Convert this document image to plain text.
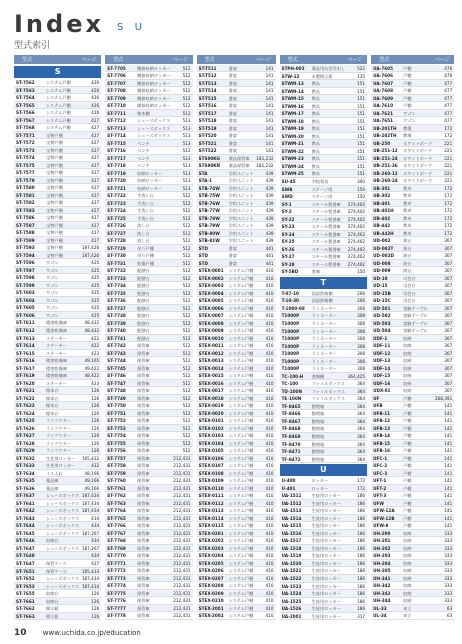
Index S U
型式索引
型式	ページ
S
ST-7562	システム戸棚	426
ST-7563	システム戸棚	426
ST-7564	システム戸棚	426
ST-7565	システム戸棚	426
ST-7566	システム戸棚	426
ST-7567	システム戸棚	427
ST-7568	システム戸棚	427
ST-7571	宝物戸棚	427
ST-7572	宝物戸棚	427
ST-7573	宝物戸棚	427
ST-7574	宝物戸棚	427
ST-7575	宝物戸棚	427
ST-7577	宝物戸棚	427
ST-7579	宝物戸棚	427
ST-7580	宝物戸棚	427
ST-7581	宝物戸棚	427
ST-7582	宝物戸棚	427
ST-7583	宝物戸棚	427
ST-7586	宝物戸棚	427
ST-7587	宝物戸棚	427
ST-7588	宝物戸棚	427
ST-7589	宝物戸棚	427
ST-7593	宝物戸棚	187,426
ST-7594	宝物戸棚	187,426
ST-7596	ワゴン	425
ST-7597	ワゴン	425
ST-7598	ワゴン	425
ST-7599	ワゴン	425
ST-7603	ワゴン	425
ST-7604	ワゴン	425
ST-7605	ワゴン	425
ST-7606	ワゴン	425
ST-7611	精密乾燥庫	48,422
ST-7612	精密乾燥庫	48,422
ST-7613	ステーキー	422
ST-7614	ステーキー	422
ST-7615	ステーキー	423
ST-7616	精密乾燥庫	49,165
ST-7617	精密乾燥庫	49,422
ST-7619	精密乾燥庫	48,422
ST-7620	ステーキー	423
ST-7621	標本台	126
ST-7622	標本台	126
ST-7623	標本台	126
ST-7624	標本台	126
ST-7625	ライツウター	126
ST-7626	ライツウター	126
ST-7627	ライツウター	126
ST-7628	ライツウター	126
ST-7629	ライツウター	126
ST-7632	生花用ロッカー	165,432
ST-7633	生花用ロッカー	432
ST-7634	イス入れ	48,166
ST-7635	薬品庫	49,166
ST-7636	薬品庫	49,166
ST-7637	シューズボックス 187,434
ST-7641	シューズボックス 187,434
ST-7642	シューズボックス 187,434
ST-7643	シューズボックス	434
ST-7644	シューズボックス	434
ST-7645	シューズボックス 187,267
ST-7646	収納台	434
ST-7647	シューズボックス 187,267
ST-7648	434
ST-7647	保管ケース	427
ST-7651	保管ケース	185,433
ST-7652	シューズボックス 187,434
ST-7653	シューズボックス 187,434
ST-7655	収納台	126
ST-7661	収納台	126
ST-7662	掲示板	126
ST-7663	掲示板	126
型式	ページ
ST-7705	腰掛収納ロッカー	512
ST-7706	腰掛収納ロッカー	512
ST-7707	腰掛収納ロッカー	512
ST-7708	腰掛収納ロッカー	512
ST-7709	腰掛収納ロッカー	512
ST-7710	腰掛収納ロッカー	512
ST-7711	標本棚	512
ST-7712	シューズボックス	513
ST-7713	シューズボックス	513
ST-7714	シューズボックス	513
ST-7715	ベンチ	513
ST-7716	ベンチ	513
ST-7717	ベンチ	513
ST-7718	ベンチ	513
ST-7719	収納ロッカー	513
ST-7720	収納ロッカー	513
ST-7721	収納ロッカー	513
ST-7722	手洗い台	512
ST-7723	手洗い台	512
ST-7724	手洗い台	512
ST-7725	手洗い台	512
ST-7726	流し台	512
ST-7727	流し台	512
ST-7728	流し台	512
ST-7729	吊り戸棚	512
ST-7730	吊り戸棚	512
ST-7731	乾燥戸棚	512
ST-7732	配膳台	512
ST-7733	配膳台	512
ST-7734	配膳台	512
ST-7735	配膳台	512
ST-7736	配膳台	512
ST-7737	配膳台	512
ST-7738	配膳台	512
ST-7739	配膳台	512
ST-7740	配膳台	512
ST-7741	配膳台	512
ST-7742	保管庫	512
ST-7743	保管庫	512
ST-7744	保管庫	512
ST-7745	保管庫	512
ST-7746	保管庫	512
ST-7747	保管庫	512
ST-7748	保管庫	512
ST-7749	保管庫	512
ST-7750	保管庫	512
ST-7751	保管庫	512
ST-7752	保管庫	512
ST-7753	保管庫	512
ST-7754	保管庫	512
ST-7755	保管庫	512
ST-7756	保管庫	512
ST-7757	保管庫	212,431
ST-7758	保管庫	212,431
ST-7759	保管庫	212,431
ST-7760	保管庫	212,431
ST-7761	保管庫	212,431
ST-7762	保管庫	212,431
ST-7763	保管庫	212,431
ST-7764	保管庫	212,431
ST-7765	保管庫	212,431
ST-7766	保管庫	212,431
ST-7767	保管庫	212,431
ST-7768	保管庫	212,431
ST-7769	保管庫	212,431
ST-7770	保管庫	212,431
ST-7771	保管庫	212,431
ST-7772	保管庫	212,431
ST-7773	保管庫	212,431
ST-7774	保管庫	212,431
ST-7775	保管庫	212,431
ST-7776	保管庫	212,431
ST-7777	保管庫	212,431
ST-7778	保管庫	212,431
型式	ページ
ST-T511	書架	141
ST-T512	書架	141
ST-T513	書架	141
ST-T514	書架	141
ST-T515	書架	141
ST-T516	書架	141
ST-T517	書架	141
ST-T518	書架	141
ST-T519	書架	141
ST-T520	書架	141
ST-T521	書架	141
ST-T522	書架	141
STS90KG	薬品保管庫	181,232
STS90KN	薬品保管庫	181,232
STA	学用ユニット	439
STA-1	学用ユニット	439
STB-74W	学用ユニット	439
STB-75W	学用ユニット	439
STB-76W	学用ユニット	439
STB-77W	学用ユニット	439
STB-78W	学用ユニット	439
STB-79W	学用ユニット	439
STB-80W	学用ユニット	439
STB-81W	学用ユニット	439
STD	書架	441
STD	書架	441
STD	書架	441
STEX-0001	システム戸棚	410
STEX-0002	システム戸棚	410
STEX-0003	システム戸棚	410
STEX-0004	システム戸棚	410
STEX-0005	システム戸棚	410
STEX-0006	システム戸棚	410
STEX-0007	システム戸棚	410
STEX-0008	システム戸棚	410
STEX-0009	システム戸棚	410
STEX-0010	システム戸棚	410
STEX-0011	システム戸棚	410
STEX-0012	システム戸棚	410
STEX-0013	システム戸棚	410
STEX-0014	システム戸棚	410
STEX-0015	システム戸棚	410
STEX-0016	システム戸棚	410
STEX-0017	システム戸棚	410
STEX-0018	システム戸棚	410
STEX-0019	システム戸棚	410
STEX-0020	システム戸棚	410
STEX-0101	システム戸棚	410
STEX-0102	システム戸棚	410
STEX-0103	システム戸棚	410
STEX-0104	システム戸棚	410
STEX-0105	システム戸棚	410
STEX-0106	システム戸棚	410
STEX-0107	システム戸棚	410
STEX-0108	システム戸棚	410
STEX-0109	システム戸棚	410
STEX-0110	システム戸棚	410
STEX-0111	システム戸棚	410
STEX-0112	システム戸棚	410
STEX-0113	システム戸棚	410
STEX-0114	システム戸棚	410
STEX-0115	システム戸棚	410
STEX-0201	システム戸棚	410
STEX-0202	システム戸棚	410
STEX-0203	システム戸棚	410
STEX-0204	システム戸棚	410
STEX-0205	システム戸棚	410
STEX-0206	システム戸棚	410
STEX-0207	システム戸棚	410
STEX-0208	システム戸棚	410
STEX-0209	システム戸棚	410
STEX-0210	システム戸棚	410
STEX-2001	システム戸棚	410
STEX-2002	システム戸棚	410
型式	ページ
STPH-003	薬品用丸型引出し	522
STW-12	木製掲示板	135
STWM-13	教具	151
STWM-14	教具	151
STWM-15	教具	151
STWM-16	教具	151
STWM-17	教具	151
STWM-18	教具	151
STWM-19	教具	151
STWM-20	教具	151
STWM-21	教具	151
STWM-22	教具	151
STWM-23	教具	151
STWM-24	教具	151
STWM-25	教具	151
SU-45	学校家具	300
SWB	ステージ用	150
SWD	ステージ用	150
SY-1	スチール製書庫	274,402
SY-2	スチール製書庫	274,402
SY-22	スチール製書庫	274,402
SY-23	スチール製書庫	274,402
SY-24	スチール製書庫	274,402
SY-25	スチール製書庫	274,402
SY-26	スチール製書庫	274,402
SY-27	スチール製書庫	274,402
SY-28	スチール製書庫	274,402
SY-5BD	書庫	150
T
T-07-10	国語辞典棚	206
T-10-30	国語辞典棚	206
T-1000-08	ラミネーター	308
T1000P	ラミネーター	308
T1000P	ラミネーター	308
T1000P	ラミネーター	308
T1000P	ラミネーター	308
T1000P	ラミネーター	308
T1000P	ラミネーター	308
T1000P	ラミネーター	308
T1000P	ラミネーター	308
TC-100-H	書類棚	364,425
TC-100	ファイルボックス	364
TD-100N	ファイルボックス	364
TE-100N	ファイルボックス	364
TF-8465	整理箱	364
TF-8466	整理箱	364
TF-8467	整理箱	364
TF-8468	整理箱	364
TF-8469	整理箱	364
TF-8470	整理箱	364
TF-8471	整理箱	364
TF-8472	整理箱	364
U
U-400	ロッカー	172
U-401	ロッカー	172
UA-1511	生徒用ロッカー	186
UA-1512	生徒用ロッカー	186
UA-1513	生徒用ロッカー	186
UA-1514	生徒用ロッカー	186
UA-1515	生徒用ロッカー	186
UA-1516	生徒用ロッカー	186
UA-1517	生徒用ロッカー	186
UA-1518	生徒用ロッカー	186
UA-1519	生徒用ロッカー	186
UA-1520	生徒用ロッカー	186
UA-1521	生徒用ロッカー	186
UA-1522	生徒用ロッカー	186
UA-1523	生徒用ロッカー	186
UA-1524	生徒用ロッカー	186
UA-1525	生徒用ロッカー	186
UA-1526	生徒用ロッカー	186
UA-2001	生徒用ロッカー	317
型式	ページ
UA-7605	戸棚	476
UA-7606	戸棚	476
UA-7607	戸棚	477
UA-7608	戸棚	477
UA-7609	戸棚	477
UA-7610	戸棚	477
UA-7621	ワゴン	477
UA-7651	ワゴン	477
UB-201TH	教壇	172
UB-202TH	教壇	172
UB-250	ホワイトボード	221
UB-251-12	ホワイトボード	221
UB-251-24	ホワイトボード	221
UB-251-36	ホワイトボード	221
UB-260-12	ホワイトボード	221
UB-260-24	ホワイトボード	221
UB-301	教卓	172
UB-302	教卓	172
UB-401	教卓	172
UB-401H	教卓	172
UB-402	教卓	172
UB-442	教卓	172
UB-442H	教卓	172
UD-002	演台	307
UD-002T	演台	307
UD-002D	演台	307
UD-008	演台	307
UD-009	演台	307
UD-10	司会台	307
UD-15	司会台	307
UD-15B	司会台	307
UD-15C	司会台	307
UD-501	実験テーブル	307
UD-502	実験テーブル	307
UD-503	実験テーブル	307
UD-504	実験テーブル	307
UDF-1	収納	307
UDF-11	収納	307
UDF-12	収納	307
UDF-13	収納	307
UDF-14	収納	307
UDF-15	収納	307
UDF-16	収納	307
UDX-01	収納	307
UF	戸棚	268,391
UFB	戸棚	141
UFB-11	戸棚	141
UFB-12	戸棚	141
UFB-13	戸棚	141
UFB-14	戸棚	141
UFB-15	戸棚	141
UFB-16	戸棚	141
UFC-1	戸棚	141
UFC-2	戸棚	141
UFC-3	戸棚	141
UFT-1	戸棚	141
UFT-2	戸棚	141
UFT-3	戸棚	141
UFW	戸棚	141
UFW-12A	戸棚	141
UFW-12B	戸棚	141
UFW-8	戸棚	141
UH-200	収納	333
UH-201	収納	333
UH-202	収納	333
UH-203	収納	333
UH-204	収納	333
UH-205	収納	333
UH-341	収納	333
UH-342	収納	333
UH-343	収納	333
UH-344	収納	333
UL-33	傘立	63
UL-34	傘立	63
10 www.uchida.co.jp/education
